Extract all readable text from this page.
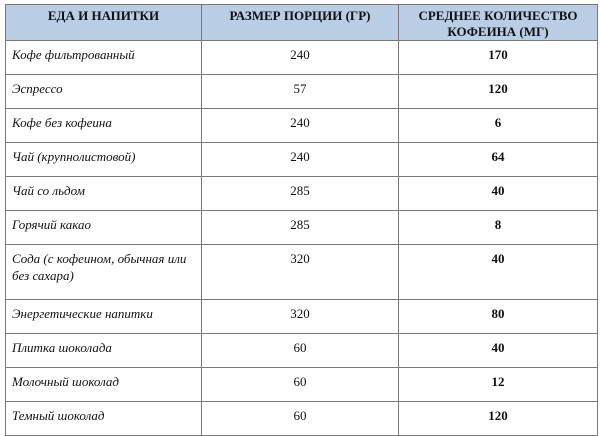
ЕДА И НАПИТКИ	РАЗМЕР ПОРЦИИ (ГР)	СРЕДНЕЕ КОЛИЧЕСТВО КОФЕИНА (МГ)

Кофе фильтрованный	240	170
Эспрессо	57	120
Кофе без кофеина	240	6
Чай (крупнолистовой)	240	64
Чай со льдом	285	40
Горячий какао	285	8
Сода (с кофеином, обычная или без сахара)	320	40
Энергетические напитки	320	80
Плитка шоколада	60	40
Молочный шоколад	60	12
Темный шоколад	60	120
